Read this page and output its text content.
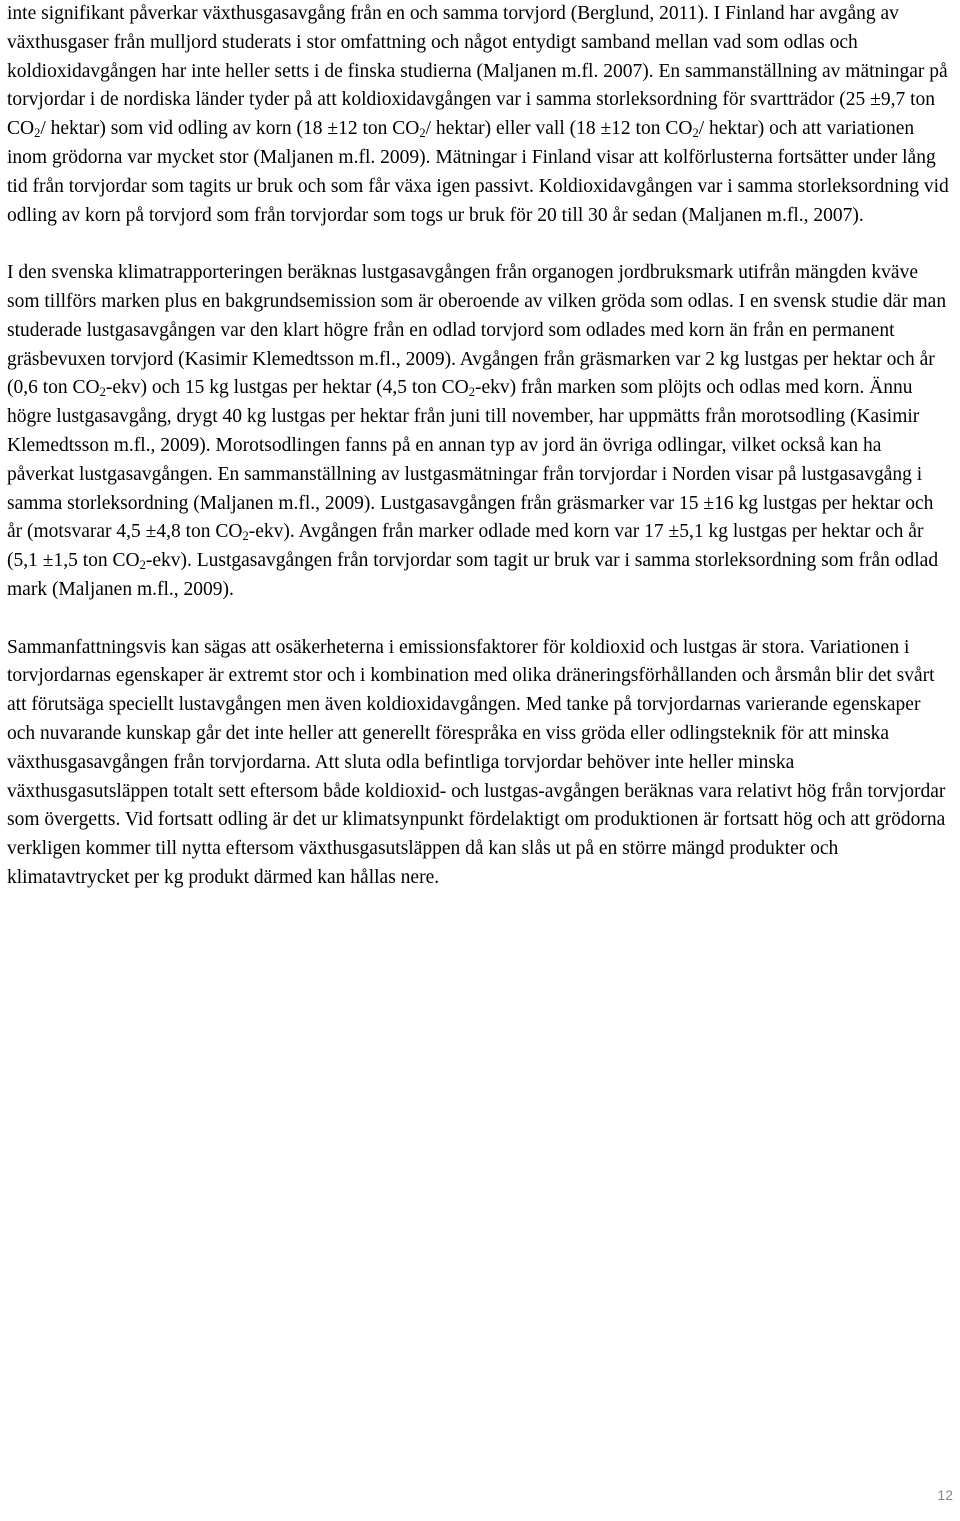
inte signifikant påverkar växthusgasavgång från en och samma torvjord (Berglund, 2011). I Finland har avgång av växthusgaser från mulljord studerats i stor omfattning och något entydigt samband mellan vad som odlas och koldioxidavgången har inte heller setts i de finska studierna (Maljanen m.fl. 2007). En sammanställning av mätningar på torvjordar i de nordiska länder tyder på att koldioxidavgången var i samma storleksordning för svartträdor (25 ±9,7 ton $CO_2/$ hektar) som vid odling av korn (18 ±12 ton $CO_2/$ hektar) eller vall (18 ±12 ton $CO_2/$ hektar) och att variationen inom grödorna var mycket stor (Maljanen m.fl. 2009). Mätningar i Finland visar att kolförlusterna fortsätter under lång tid från torvjordar som tagits ur bruk och som får växa igen passivt. Koldioxidavgången var i samma storleksordning vid odling av korn på torvjord som från torvjordar som togs ur bruk för 20 till 30 år sedan (Maljanen m.fl., 2007).

I den svenska klimatrapporteringen beräknas lustgasavgången från organogen jordbruksmark utifrån mängden kväve som tillförs marken plus en bakgrundsemission som är oberoende av vilken gröda som odlas. I en svensk studie där man studerade lustgasavgången var den klart högre från en odlad torvjord som odlades med korn än från en permanent gräsbevuxen torvjord (Kasimir Klemedtsson m.fl., 2009). Avgången från gräsmarken var 2 kg lustgas per hektar och år (0,6 ton $CO_2-ekv$) och 15 kg lustgas per hektar (4,5 ton $CO_2-ekv$) från marken som plöjts och odlas med korn. Ännu högre lustgasavgång, drygt 40 kg lustgas per hektar från juni till november, har uppmätts från morotsodling (Kasimir Klemedtsson m.fl., 2009). Morotsodlingen fanns på en annan typ av jord än övriga odlingar, vilket också kan ha påverkat lustgasavgången. En sammanställning av lustgasmätningar från torvjordar i Norden visar på lustgasavgång i samma storleksordning (Maljanen m.fl., 2009). Lustgasavgången från gräsmarker var 15 ±16 kg lustgas per hektar och år (motsvarar 4,5 ±4,8 ton $CO_2-ekv$). Avgången från marker odlade med korn var 17 ±5,1 kg lustgas per hektar och år (5,1 ±1,5 ton $CO_2-ekv$). Lustgasavgången från torvjordar som tagit ur bruk var i samma storleksordning som från odlad mark (Maljanen m.fl., 2009).

Sammanfattningsvis kan sägas att osäkerheterna i emissionsfaktorer för koldioxid och lustgas är stora. Variationen i torvjordarnas egenskaper är extremt stor och i kombination med olika dräneringsförhållanden och årsmån blir det svårt att förutsäga speciellt lustavgången men även koldioxidavgången. Med tanke på torvjordarnas varierande egenskaper och nuvarande kunskap går det inte heller att generellt förespråka en viss gröda eller odlingsteknik för att minska växthusgasavgången från torvjordarna. Att sluta odla befintliga torvjordar behöver inte heller minska växthusgasutsläppen totalt sett eftersom både koldioxid- och lustgas-avgången beräknas vara relativt hög från torvjordar som övergetts. Vid fortsatt odling är det ur klimatsynpunkt fördelaktigt om produktionen är fortsatt hög och att grödorna verkligen kommer till nytta eftersom växthusgasutsläppen då kan slås ut på en större mängd produkter och klimatavtrycket per kg produkt därmed kan hållas nere.

12
